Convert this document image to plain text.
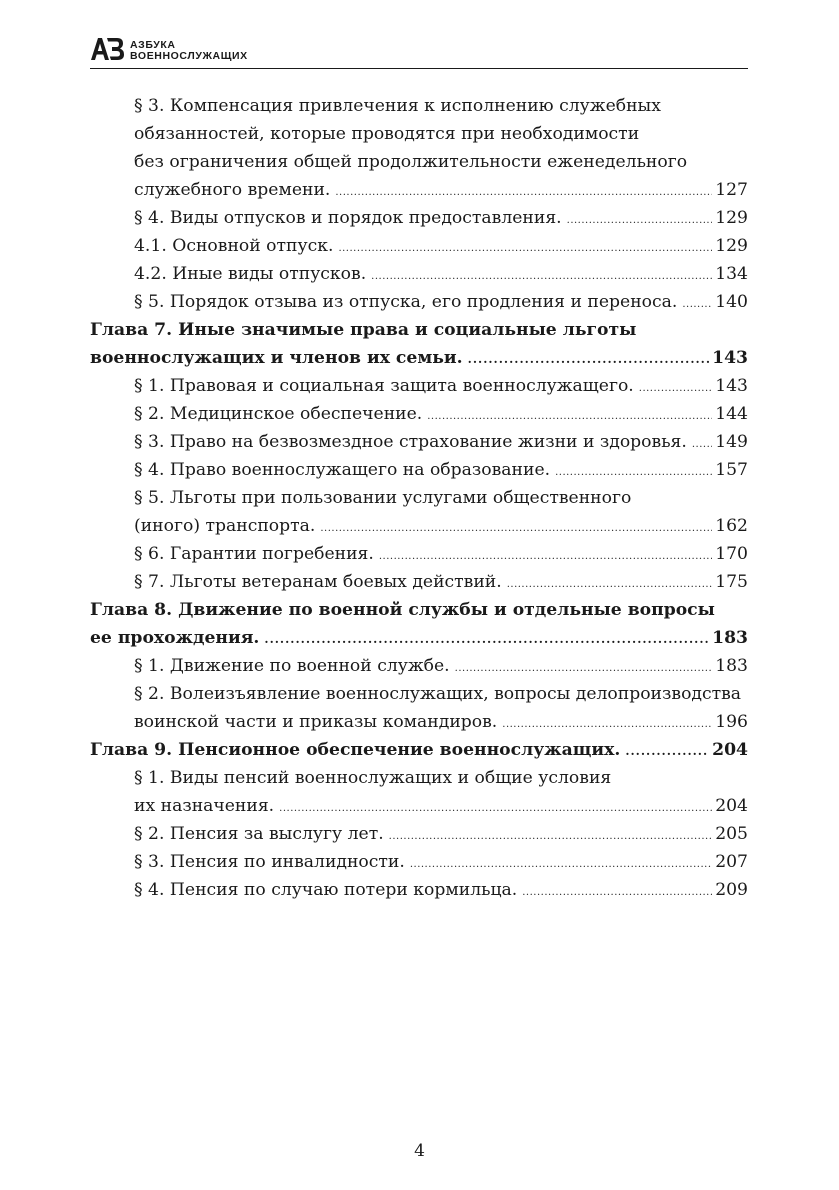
АЗБУКА
ВОЕННОСЛУЖАЩИХ
§ 3. Компенсация привлечения к исполнению служебных
обязанностей, которые проводятся при необходимости
без ограничения общей продолжительности еженедельного
служебного времени. .....	127
§ 4. Виды отпусков и порядок предоставления. .....	129
4.1. Основной отпуск. .....	129
4.2. Иные виды отпусков. .....	134
§ 5. Порядок отзыва из отпуска, его продления и переноса. ..... 140
Глава 7. Иные значимые права и социальные льготы
военнослужащих и членов их семьи. .....	143
§ 1. Правовая и социальная защита военнослужащего. .....	143
§ 2. Медицинское обеспечение. .....	144
§ 3. Право на безвозмездное страхование жизни и здоровья. ..... 149
§ 4. Право военнослужащего на образование. .....	157
§ 5. Льготы при пользовании услугами общественного
(иного) транспорта. .....	162
§ 6. Гарантии погребения. .....	170
§ 7. Льготы ветеранам боевых действий. .....	175
Глава 8. Движение по военной службы и отдельные вопросы
ее прохождения. .....	183
§ 1. Движение по военной службе. .....	183
§ 2. Волеизъявление военнослужащих, вопросы делопроизводства
воинской части и приказы командиров. .....	196
Глава 9. Пенсионное обеспечение военнослужащих. .....	204
§ 1. Виды пенсий военнослужащих и общие условия
их назначения. .....	204
§ 2. Пенсия за выслугу лет. .....	205
§ 3. Пенсия по инвалидности. .....	207
§ 4. Пенсия по случаю потери кормильца. .....	209
4
